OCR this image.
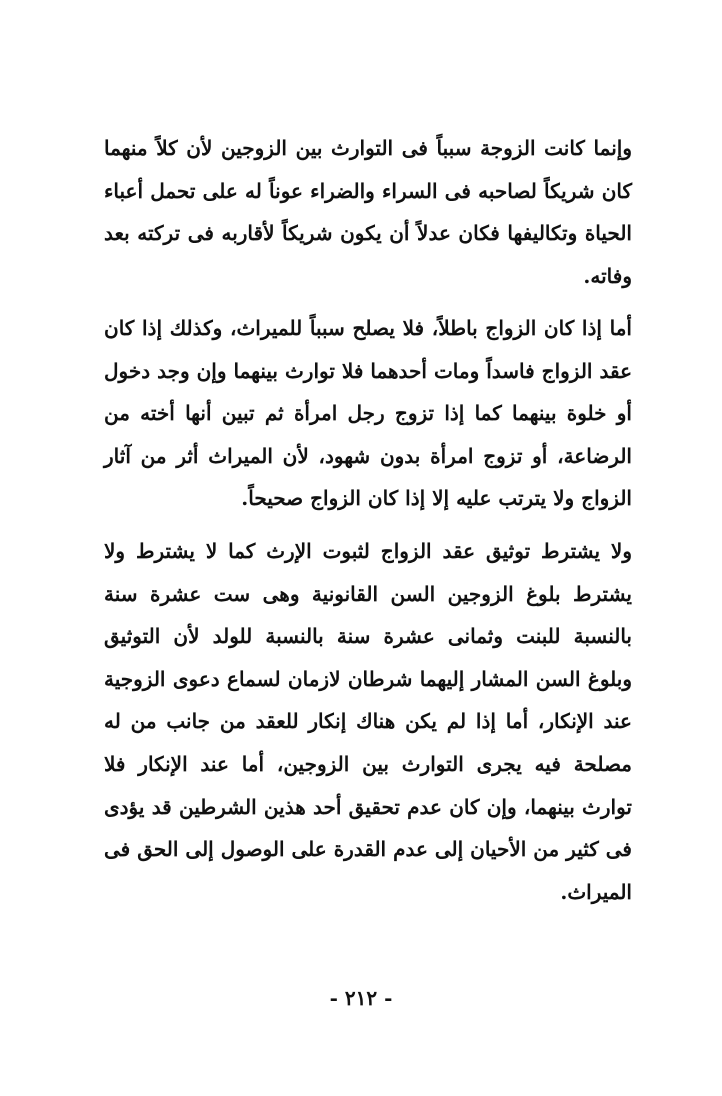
وإنما كانت الزوجة سبباً فى التوارث بين الزوجين لأن كلاً منهما كان شريكاً لصاحبه فى السراء والضراء عوناً له على تحمل أعباء الحياة وتكاليفها فكان عدلاً أن يكون شريكاً لأقاربه فى تركته بعد وفاته.

أما إذا كان الزواج باطلاً، فلا يصلح سبباً للميراث، وكذلك إذا كان عقد الزواج فاسداً ومات أحدهما فلا توارث بينهما وإن وجد دخول أو خلوة بينهما كما إذا تزوج رجل امرأة ثم تبين أنها أخته من الرضاعة، أو تزوج امرأة بدون شهود، لأن الميراث أثر من آثار الزواج ولا يترتب عليه إلا إذا كان الزواج صحيحاً.

ولا يشترط توثيق عقد الزواج لثبوت الإرث كما لا يشترط ولا يشترط بلوغ الزوجين السن القانونية وهى ست عشرة سنة بالنسبة للبنت وثمانى عشرة سنة بالنسبة للولد لأن التوثيق وبلوغ السن المشار إليهما شرطان لازمان لسماع دعوى الزوجية عند الإنكار، أما إذا لم يكن هناك إنكار للعقد من جانب من له مصلحة فيه يجرى التوارث بين الزوجين، أما عند الإنكار فلا توارث بينهما، وإن كان عدم تحقيق أحد هذين الشرطين قد يؤدى فى كثير من الأحيان إلى عدم القدرة على الوصول إلى الحق فى الميراث.

- ٢١٢ -
